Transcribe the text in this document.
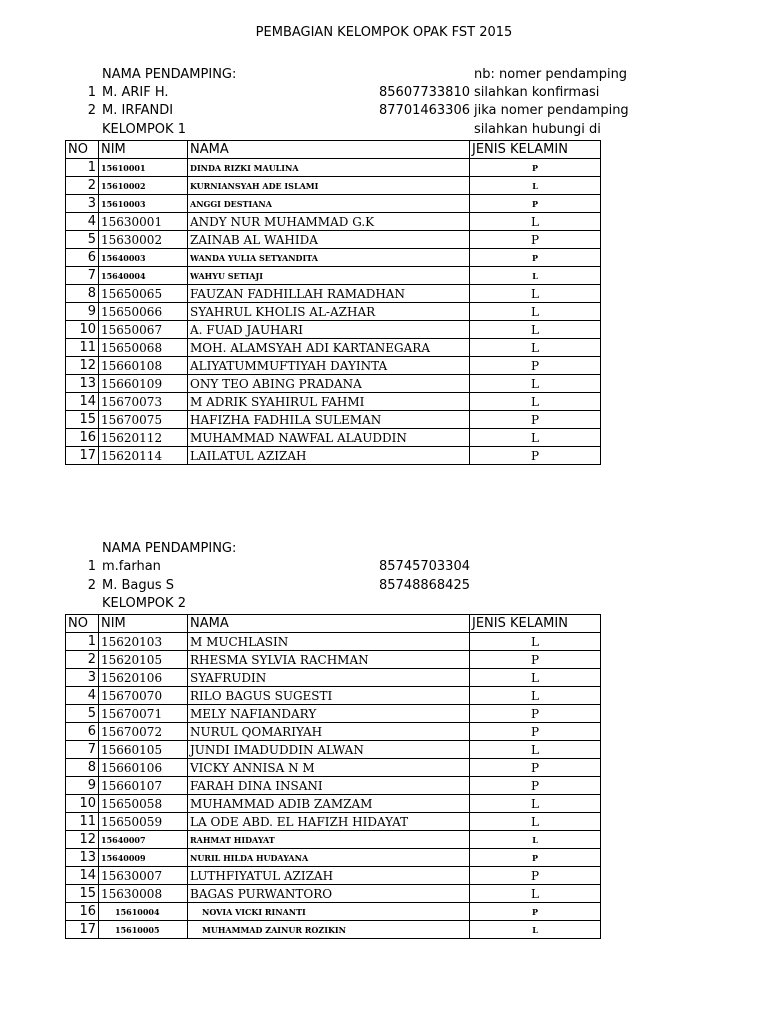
PEMBAGIAN KELOMPOK OPAK FST 2015
NAMA PENDAMPING:	nb: nomer pendamping
1 M. ARIF H.	85607733810 silahkan konfirmasi
2 M. IRFANDI	87701463306 jika nomer pendamping
KELOMPOK 1	silahkan hubungi di
NO	NIM	NAMA	JENIS KELAMIN
1	15610001	DINDA RIZKI MAULINA	P
2	15610002	KURNIANSYAH ADE ISLAMI	L
3	15610003	ANGGI DESTIANA	P
4	15630001	ANDY NUR MUHAMMAD G.K	L
5	15630002	ZAINAB AL WAHIDA	P
6	15640003	WANDA YULIA SETYANDITA	P
7	15640004	WAHYU SETIAJI	L
8	15650065	FAUZAN FADHILLAH RAMADHAN	L
9	15650066	SYAHRUL KHOLIS AL-AZHAR	L
10	15650067	A. FUAD JAUHARI	L
11	15650068	MOH. ALAMSYAH ADI KARTANEGARA	L
12	15660108	ALIYATUMMUFTIYAH DAYINTA	P
13	15660109	ONY TEO ABING PRADANA	L
14	15670073	M ADRIK SYAHIRUL FAHMI	L
15	15670075	HAFIZHA FADHILA SULEMAN	P
16	15620112	MUHAMMAD NAWFAL ALAUDDIN	L
17	15620114	LAILATUL AZIZAH	P
NAMA PENDAMPING:
1 m.farhan	85745703304
2 M. Bagus S	85748868425
KELOMPOK 2
NO	NIM	NAMA	JENIS KELAMIN
1	15620103	M MUCHLASIN	L
2	15620105	RHESMA SYLVIA RACHMAN	P
3	15620106	SYAFRUDIN	L
4	15670070	RILO BAGUS SUGESTI	L
5	15670071	MELY NAFIANDARY	P
6	15670072	NURUL QOMARIYAH	P
7	15660105	JUNDI IMADUDDIN ALWAN	L
8	15660106	VICKY ANNISA N M	P
9	15660107	FARAH DINA INSANI	P
10	15650058	MUHAMMAD ADIB ZAMZAM	L
11	15650059	LA ODE ABD. EL HAFIZH HIDAYAT	L
12	15640007	RAHMAT HIDAYAT	L
13	15640009	NURIL HILDA HUDAYANA	P
14	15630007	LUTHFIYATUL AZIZAH	P
15	15630008	BAGAS PURWANTORO	L
16	15610004	NOVIA VICKI RINANTI	P
17	15610005	MUHAMMAD ZAINUR ROZIKIN	L
